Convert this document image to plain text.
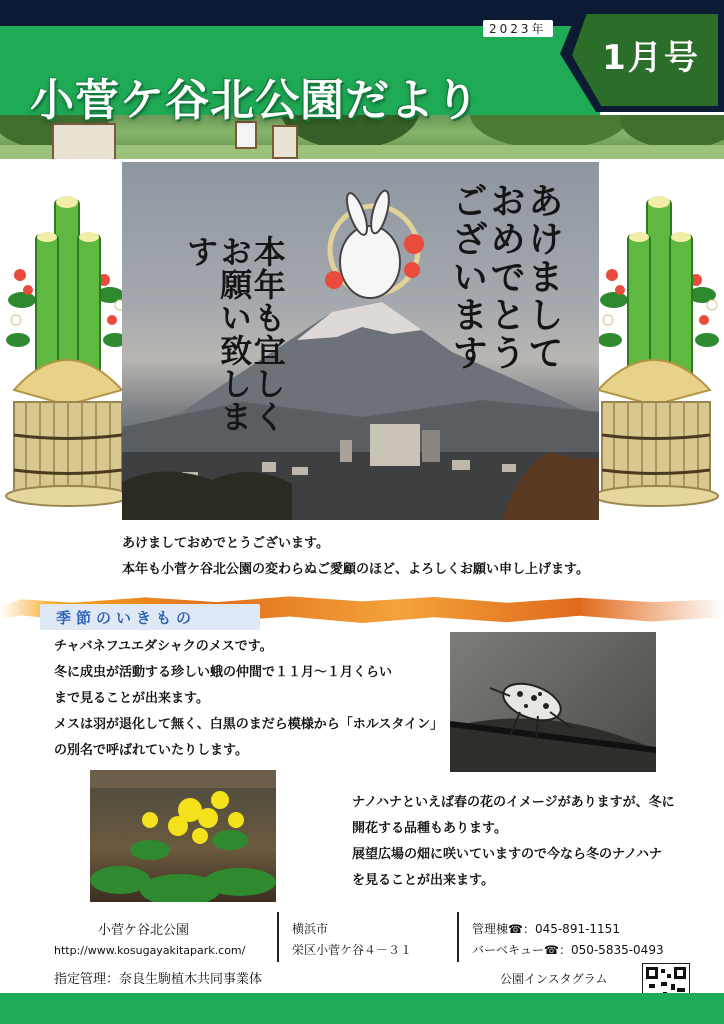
小菅ケ谷北公園だより
1月号
2023年
あけまして
おめでとう
ございます
本年も宜しく お願い致します
あけましておめでとうございます。
本年も小菅ケ谷北公園の変わらぬご愛顧のほど、よろしくお願い申し上げます。
季節のいきもの
チャバネフユエダシャクのメスです。
冬に成虫が活動する珍しい蛾の仲間で１１月～１月くらい
まで見ることが出来ます。
メスは羽が退化して無く、白黒のまだら模様から「ホルスタイン」
の別名で呼ばれていたりします。
ナノハナといえば春の花のイメージがありますが、冬に
開花する品種もあります。
展望広場の畑に咲いていますので今なら冬のナノハナ
を見ることが出来ます。
小菅ケ谷北公園
http://www.kosugayakitapark.com/
指定管理：奈良生駒植木共同事業体
横浜市
栄区小菅ケ谷４－３１
管理棟☎：045-891-1151
バーベキュー☎：050-5835-0493
公園インスタグラム
